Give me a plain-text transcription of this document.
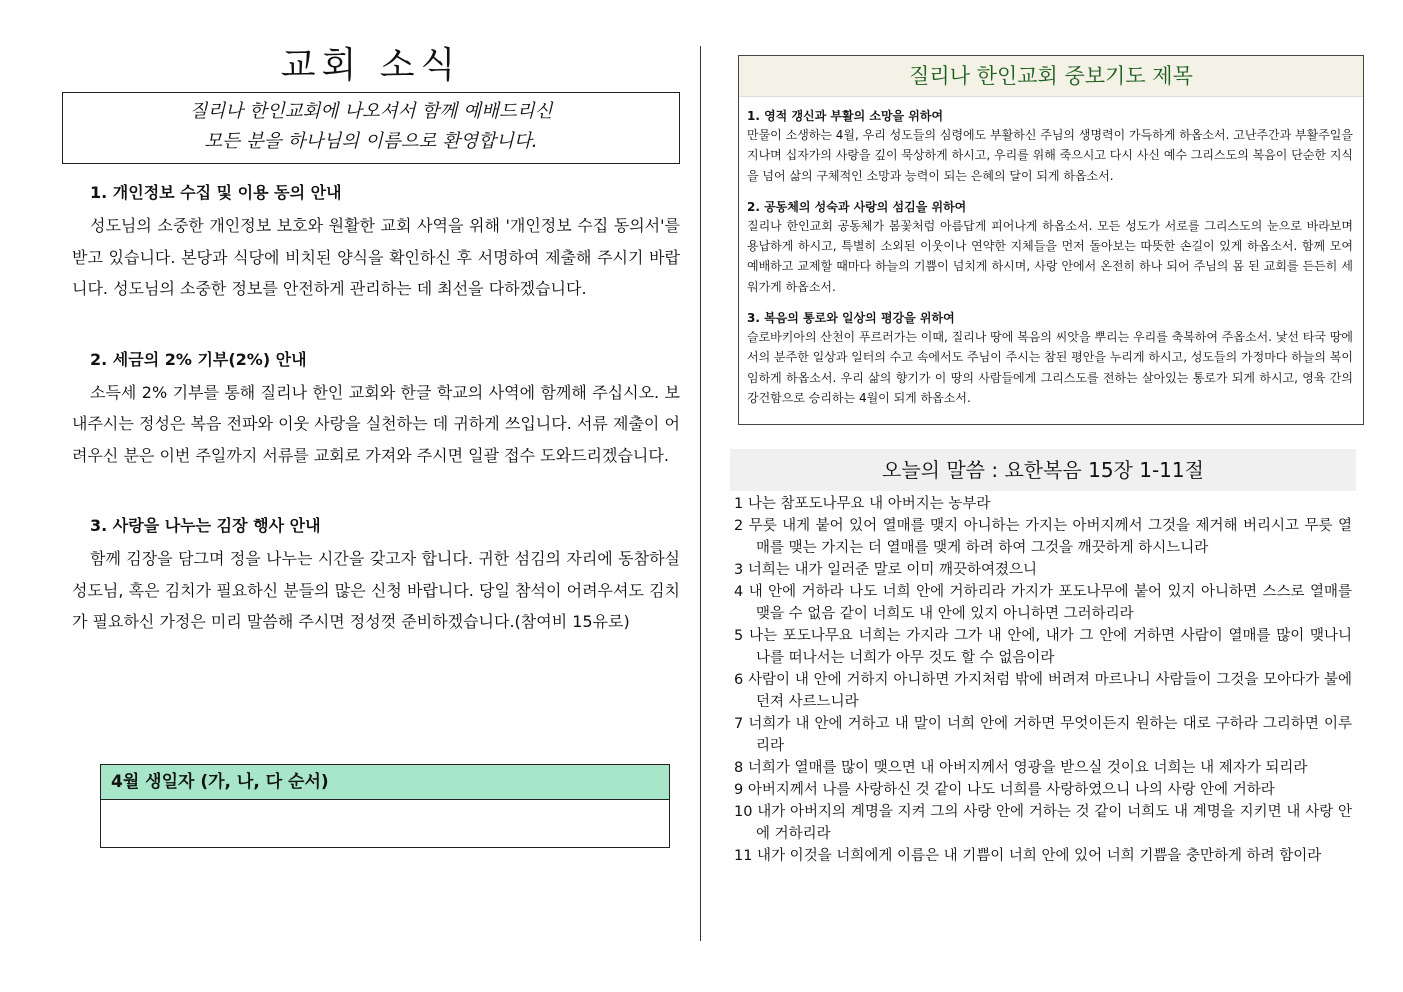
교회 소식
질리나 한인교회에 나오셔서 함께 예배드리신
모든 분을 하나님의 이름으로 환영합니다.
1. 개인정보 수집 및 이용 동의 안내

성도님의 소중한 개인정보 보호와 원활한 교회 사역을 위해 '개인정보 수집 동의서'를 받고 있습니다. 본당과 식당에 비치된 양식을 확인하신 후 서명하여 제출해 주시기 바랍니다. 성도님의 소중한 정보를 안전하게 관리하는 데 최선을 다하겠습니다.

2. 세금의 2% 기부(2%) 안내

소득세 2% 기부를 통해 질리나 한인 교회와 한글 학교의 사역에 함께해 주십시오. 보내주시는 정성은 복음 전파와 이웃 사랑을 실천하는 데 귀하게 쓰입니다. 서류 제출이 어려우신 분은 이번 주일까지 서류를 교회로 가져와 주시면 일괄 접수 도와드리겠습니다.

3. 사랑을 나누는 김장 행사 안내

함께 김장을 담그며 정을 나누는 시간을 갖고자 합니다. 귀한 섬김의 자리에 동참하실 성도님, 혹은 김치가 필요하신 분들의 많은 신청 바랍니다. 당일 참석이 어려우셔도 김치가 필요하신 가정은 미리 말씀해 주시면 정성껏 준비하겠습니다.(참여비 15유로)

4월 생일자 (가, 나, 다 순서)
질리나 한인교회 중보기도 제목
1. 영적 갱신과 부활의 소망을 위하여

만물이 소생하는 4월, 우리 성도들의 심령에도 부활하신 주님의 생명력이 가득하게 하옵소서. 고난주간과 부활주일을 지나며 십자가의 사랑을 깊이 묵상하게 하시고, 우리를 위해 죽으시고 다시 사신 예수 그리스도의 복음이 단순한 지식을 넘어 삶의 구체적인 소망과 능력이 되는 은혜의 달이 되게 하옵소서.

2. 공동체의 성숙과 사랑의 섬김을 위하여

질리나 한인교회 공동체가 봄꽃처럼 아름답게 피어나게 하옵소서. 모든 성도가 서로를 그리스도의 눈으로 바라보며 용납하게 하시고, 특별히 소외된 이웃이나 연약한 지체들을 먼저 돌아보는 따뜻한 손길이 있게 하옵소서. 함께 모여 예배하고 교제할 때마다 하늘의 기쁨이 넘치게 하시며, 사랑 안에서 온전히 하나 되어 주님의 몸 된 교회를 든든히 세워가게 하옵소서.

3. 복음의 통로와 일상의 평강을 위하여

슬로바키아의 산천이 푸르러가는 이때, 질리나 땅에 복음의 씨앗을 뿌리는 우리를 축복하여 주옵소서. 낯선 타국 땅에서의 분주한 일상과 일터의 수고 속에서도 주님이 주시는 참된 평안을 누리게 하시고, 성도들의 가정마다 하늘의 복이 임하게 하옵소서. 우리 삶의 향기가 이 땅의 사람들에게 그리스도를 전하는 살아있는 통로가 되게 하시고, 영육 간의 강건함으로 승리하는 4월이 되게 하옵소서.

오늘의 말씀 : 요한복음 15장 1-11절

1 나는 참포도나무요 내 아버지는 농부라

2 무릇 내게 붙어 있어 열매를 맺지 아니하는 가지는 아버지께서 그것을 제거해 버리시고 무릇 열매를 맺는 가지는 더 열매를 맺게 하려 하여 그것을 깨끗하게 하시느니라

3 너희는 내가 일러준 말로 이미 깨끗하여졌으니

4 내 안에 거하라 나도 너희 안에 거하리라 가지가 포도나무에 붙어 있지 아니하면 스스로 열매를 맺을 수 없음 같이 너희도 내 안에 있지 아니하면 그러하리라

5 나는 포도나무요 너희는 가지라 그가 내 안에, 내가 그 안에 거하면 사람이 열매를 많이 맺나니 나를 떠나서는 너희가 아무 것도 할 수 없음이라

6 사람이 내 안에 거하지 아니하면 가지처럼 밖에 버려져 마르나니 사람들이 그것을 모아다가 불에 던져 사르느니라

7 너희가 내 안에 거하고 내 말이 너희 안에 거하면 무엇이든지 원하는 대로 구하라 그리하면 이루리라

8 너희가 열매를 많이 맺으면 내 아버지께서 영광을 받으실 것이요 너희는 내 제자가 되리라

9 아버지께서 나를 사랑하신 것 같이 나도 너희를 사랑하였으니 나의 사랑 안에 거하라

10 내가 아버지의 계명을 지켜 그의 사랑 안에 거하는 것 같이 너희도 내 계명을 지키면 내 사랑 안에 거하리라

11 내가 이것을 너희에게 이름은 내 기쁨이 너희 안에 있어 너희 기쁨을 충만하게 하려 함이라
